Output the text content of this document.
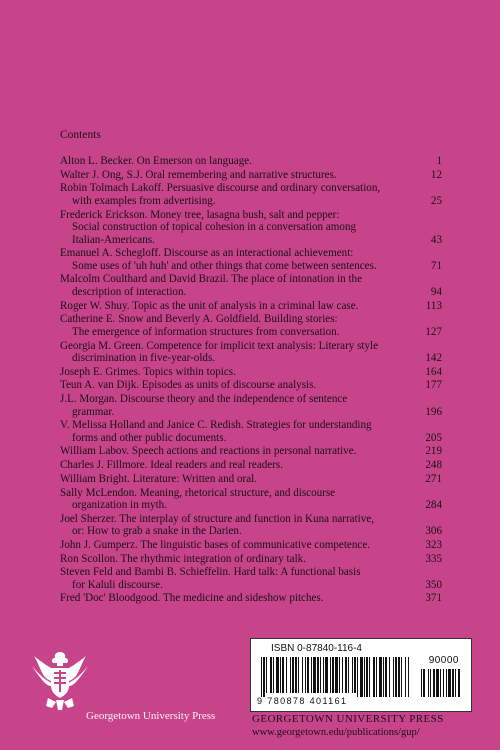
Contents
Alton L. Becker. On Emerson on language.	1
Walter J. Ong, S.J. Oral remembering and narrative structures.	12
Robin Tolmach Lakoff. Persuasive discourse and ordinary conversation,
with examples from advertising.	25
Frederick Erickson. Money tree, lasagna bush, salt and pepper:
Social construction of topical cohesion in a conversation among
Italian-Americans.	43
Emanuel A. Schegloff. Discourse as an interactional achievement:
Some uses of 'uh huh' and other things that come between sentences.	71
Malcolm Coulthard and David Brazil. The place of intonation in the
description of interaction.	94
Roger W. Shuy. Topic as the unit of analysis in a criminal law case.	113
Catherine E. Snow and Beverly A. Goldfield. Building stories:
The emergence of information structures from conversation.	127
Georgia M. Green. Competence for implicit text analysis: Literary style
discrimination in five-year-olds.	142
Joseph E. Grimes. Topics within topics.	164
Teun A. van Dijk. Episodes as units of discourse analysis.	177
J.L. Morgan. Discourse theory and the independence of sentence
grammar.	196
V. Melissa Holland and Janice C. Redish. Strategies for understanding
forms and other public documents.	205
William Labov. Speech actions and reactions in personal narrative.	219
Charles J. Fillmore. Ideal readers and real readers.	248
William Bright. Literature: Written and oral.	271
Sally McLendon. Meaning, rhetorical structure, and discourse
organization in myth.	284
Joel Sherzer. The interplay of structure and function in Kuna narrative,
or: How to grab a snake in the Darien.	306
John J. Gumperz. The linguistic bases of communicative competence.	323
Ron Scollon. The rhythmic integration of ordinary talk.	335
Steven Feld and Bambi B. Schieffelin. Hard talk: A functional basis
for Kaluli discourse.	350
Fred 'Doc' Bloodgood. The medicine and sideshow pitches.	371
Georgetown University Press
ISBN 0-87840-116-4
90000
9 780878 401161
GEORGETOWN UNIVERSITY PRESS
www.georgetown.edu/publications/gup/
